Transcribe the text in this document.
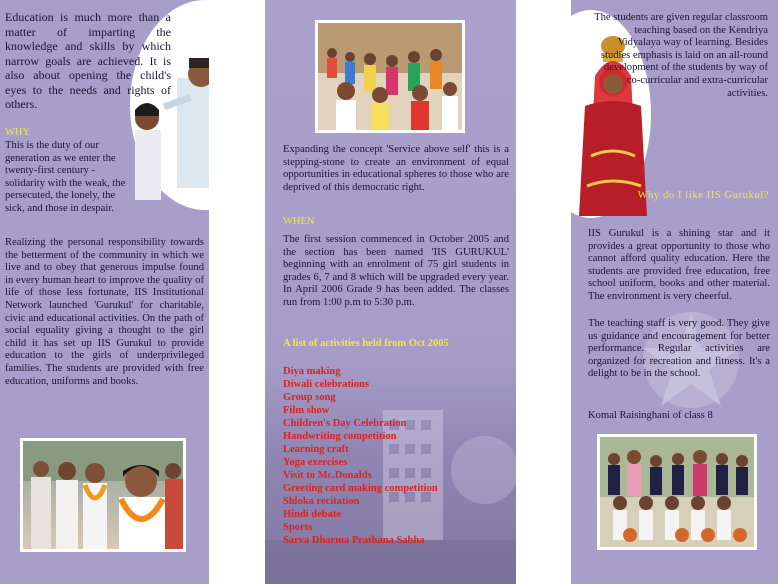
Education is much more than a matter of imparting the knowledge and skills by which narrow goals are achieved. It is also about opening the child's eyes to the needs and rights of others.

WHY

This is the duty of our generation as we enter the twenty-first century - solidarity with the weak, the persecuted, the lonely, the sick, and those in despair.

Realizing the personal responsibility towards the betterment of the community in which we live and to obey that generous impulse found in every human heart to improve the quality of life of those less fortunate, IIS Institutional Network launched 'Gurukul' for charitable, civic and educational activities. On the path of social equality giving a thought to the girl child it has set up IIS Gurukul to provide education to the girls of underprivileged families. The students are provided with free education, uniforms and books.

Expanding the concept 'Service above self' this is a stepping-stone to create an environment of equal opportunities in educational spheres to those who are deprived of this democratic right.

WHEN

The first session commenced in October 2005 and the section has been named 'IIS GURUKUL' beginning with an enrolment of 75 girl students in grades 6, 7 and 8 which will be upgraded every year. In April 2006 Grade 9 has been added. The classes run from 1:00 p.m to 5:30 p.m.

A list of activities held from Oct 2005
Diya making
Diwali celebrations
Group song
Film show
Children's Day Celebration
Handwriting competition
Learning craft
Yoga exercises
Visit to Mc.Donalds
Greeting card making competition
Shloka recitation
Hindi debate
Sports
Sarva Dharma Prathana Sabha

The students are given regular classroom teaching based on the Kendriya Vidyalaya way of learning. Besides studies emphasis is laid on an all-round development of the students by way of co-curricular and extra-curricular activities.

Why do I like IIS Gurukul?

IIS Gurukul is a shining star and it provides a great opportunity to those who cannot afford quality education. Here the students are provided free education, free school uniform, books and other material. The environment is very cheerful.

The teaching staff is very good. They give us guidance and encouragement for better performance. Regular activities are organized for recreation and fitness. It's a delight to be in the school.

Komal Raisinghani of class 8
